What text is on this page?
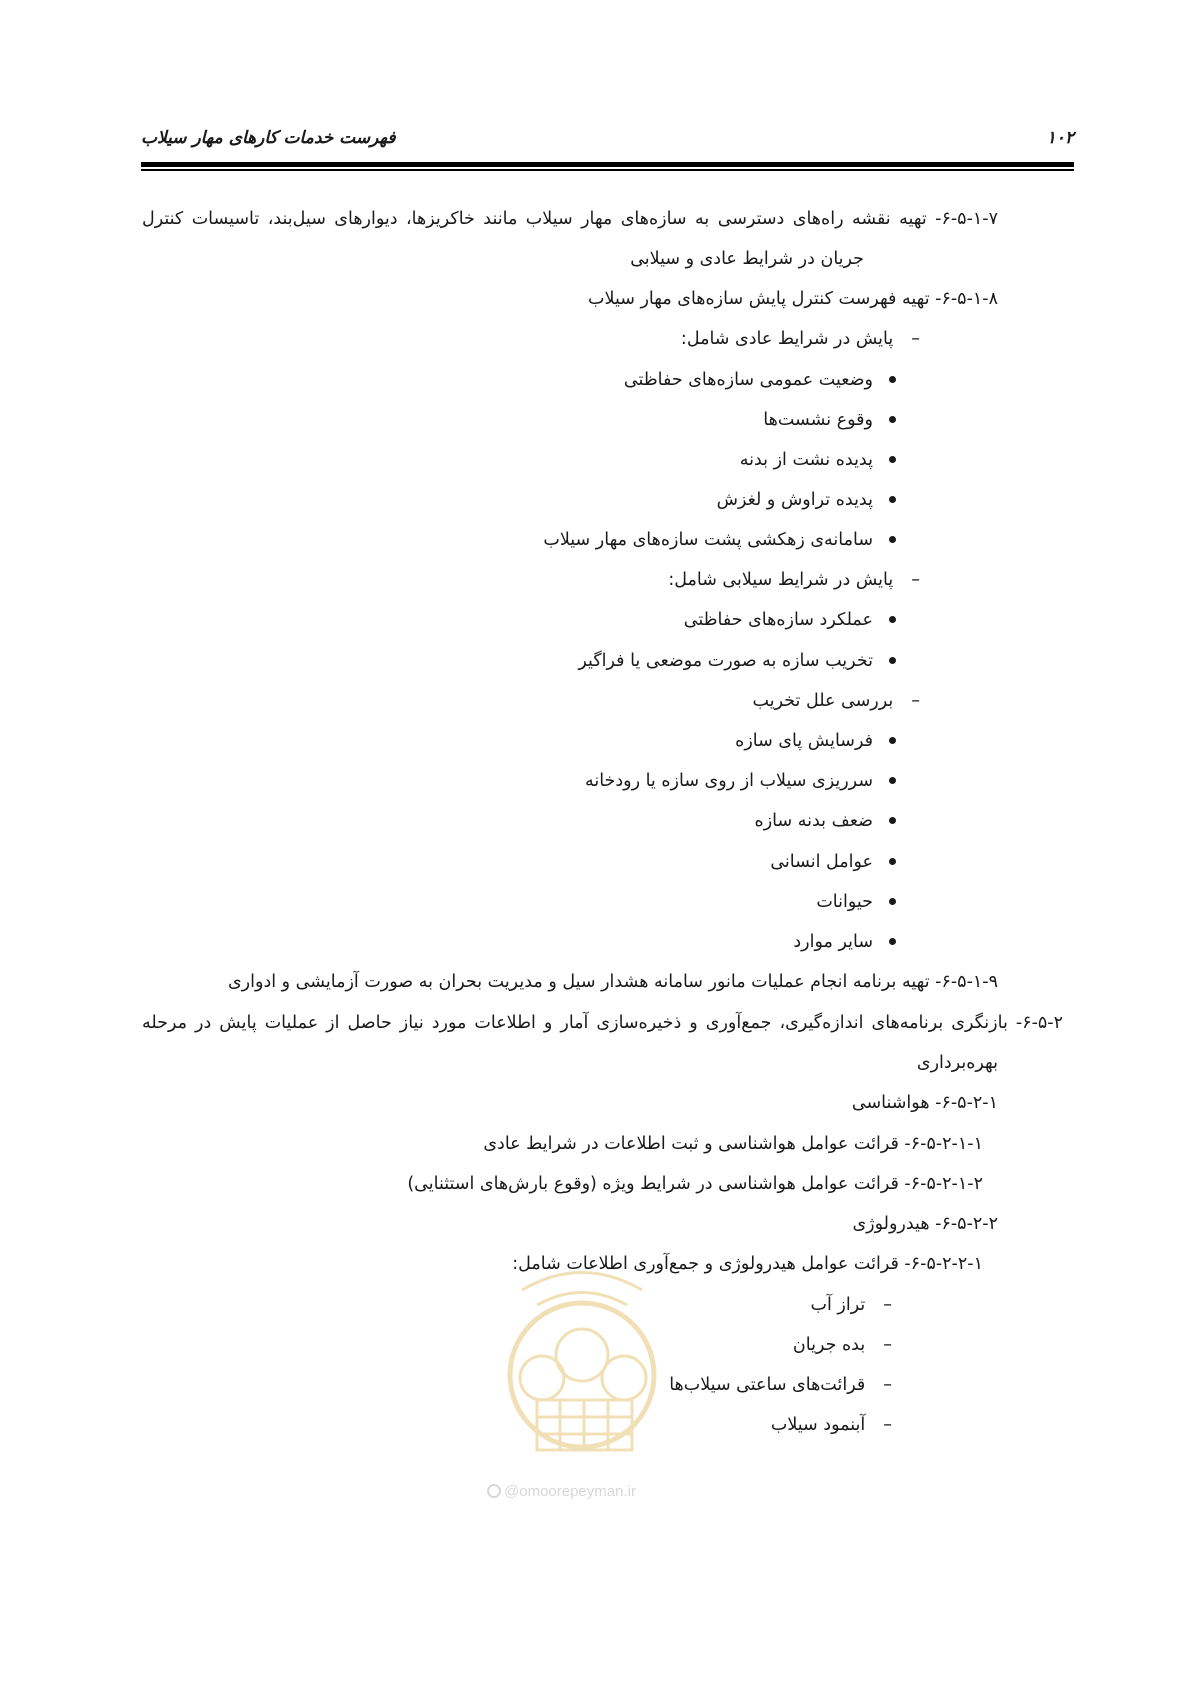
فهرست خدمات کارهای مهار سیلاب	۱۰۲
۶-۵-۱-۷- تهیه نقشه راه‌های دسترسی به سازه‌های مهار سیلاب مانند خاکریزها، دیوارهای سیل‌بند، تاسیسات کنترل
جریان در شرایط عادی و سیلابی
۶-۵-۱-۸- تهیه فهرست کنترل پایش سازه‌های مهار سیلاب
–پایش در شرایط عادی شامل:
وضعیت عمومی سازه‌های حفاظتی
وقوع نشست‌ها
پدیده نشت از بدنه
پدیده تراوش و لغزش
سامانه‌ی زهکشی پشت سازه‌های مهار سیلاب
–پایش در شرایط سیلابی شامل:
عملکرد سازه‌های حفاظتی
تخریب سازه به صورت موضعی یا فراگیر
–بررسی علل تخریب
فرسایش پای سازه
سرریزی سیلاب از روی سازه یا رودخانه
ضعف بدنه سازه
عوامل انسانی
حیوانات
سایر موارد
۶-۵-۱-۹- تهیه برنامه انجام عملیات مانور سامانه هشدار سیل و مدیریت بحران به صورت آزمایشی و ادواری
۶-۵-۲- بازنگری برنامه‌های اندازه‌گیری، جمع‌آوری و ذخیره‌سازی آمار و اطلاعات مورد نیاز حاصل از عملیات پایش در مرحله
بهره‌برداری
۶-۵-۲-۱- هواشناسی
۶-۵-۲-۱-۱- قرائت عوامل هواشناسی و ثبت اطلاعات در شرایط عادی
۶-۵-۲-۱-۲- قرائت عوامل هواشناسی در شرایط ویژه (وقوع بارش‌های استثنایی)
۶-۵-۲-۲- هیدرولوژی
۶-۵-۲-۲-۱- قرائت عوامل هیدرولوژی و جمع‌آوری اطلاعات شامل:
–تراز آب
–بده جریان
–قرائت‌های ساعتی سیلاب‌ها
–آبنمود سیلاب
@omoorepeyman.ir
